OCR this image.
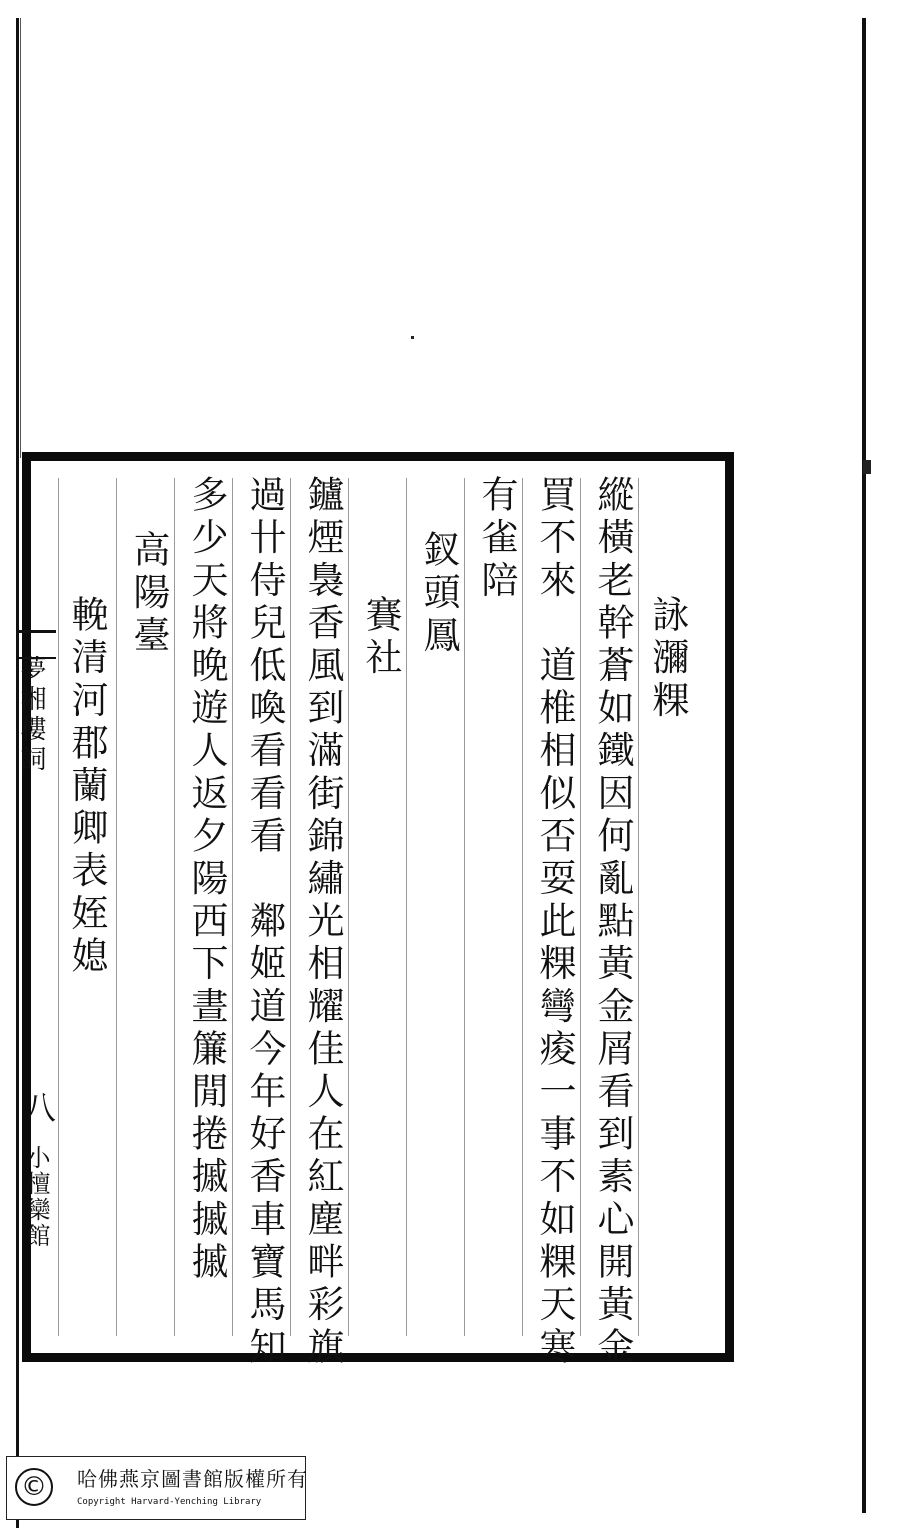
詠瀰粿
縱橫老幹蒼如鐵因何亂點黃金屑看到素心開黃金
買不來　道椎相似否耍此粿彎痠一事不如粿天寒
有雀陪
釵頭鳳
賽社
鑪煙裊香風到滿街錦繡光相耀佳人在紅塵畔彩旗
過卄侍兒低喚看看看　鄰姬道今年好香車寶馬知
多少天將晚遊人返夕陽西下晝簾閒捲摵摵摵
高陽臺
輓清河郡蘭卿表姪媳
夢湘樓詞
八
小檀欒館
©	哈佛燕京圖書館版權所有
Copyright Harvard-Yenching Library
